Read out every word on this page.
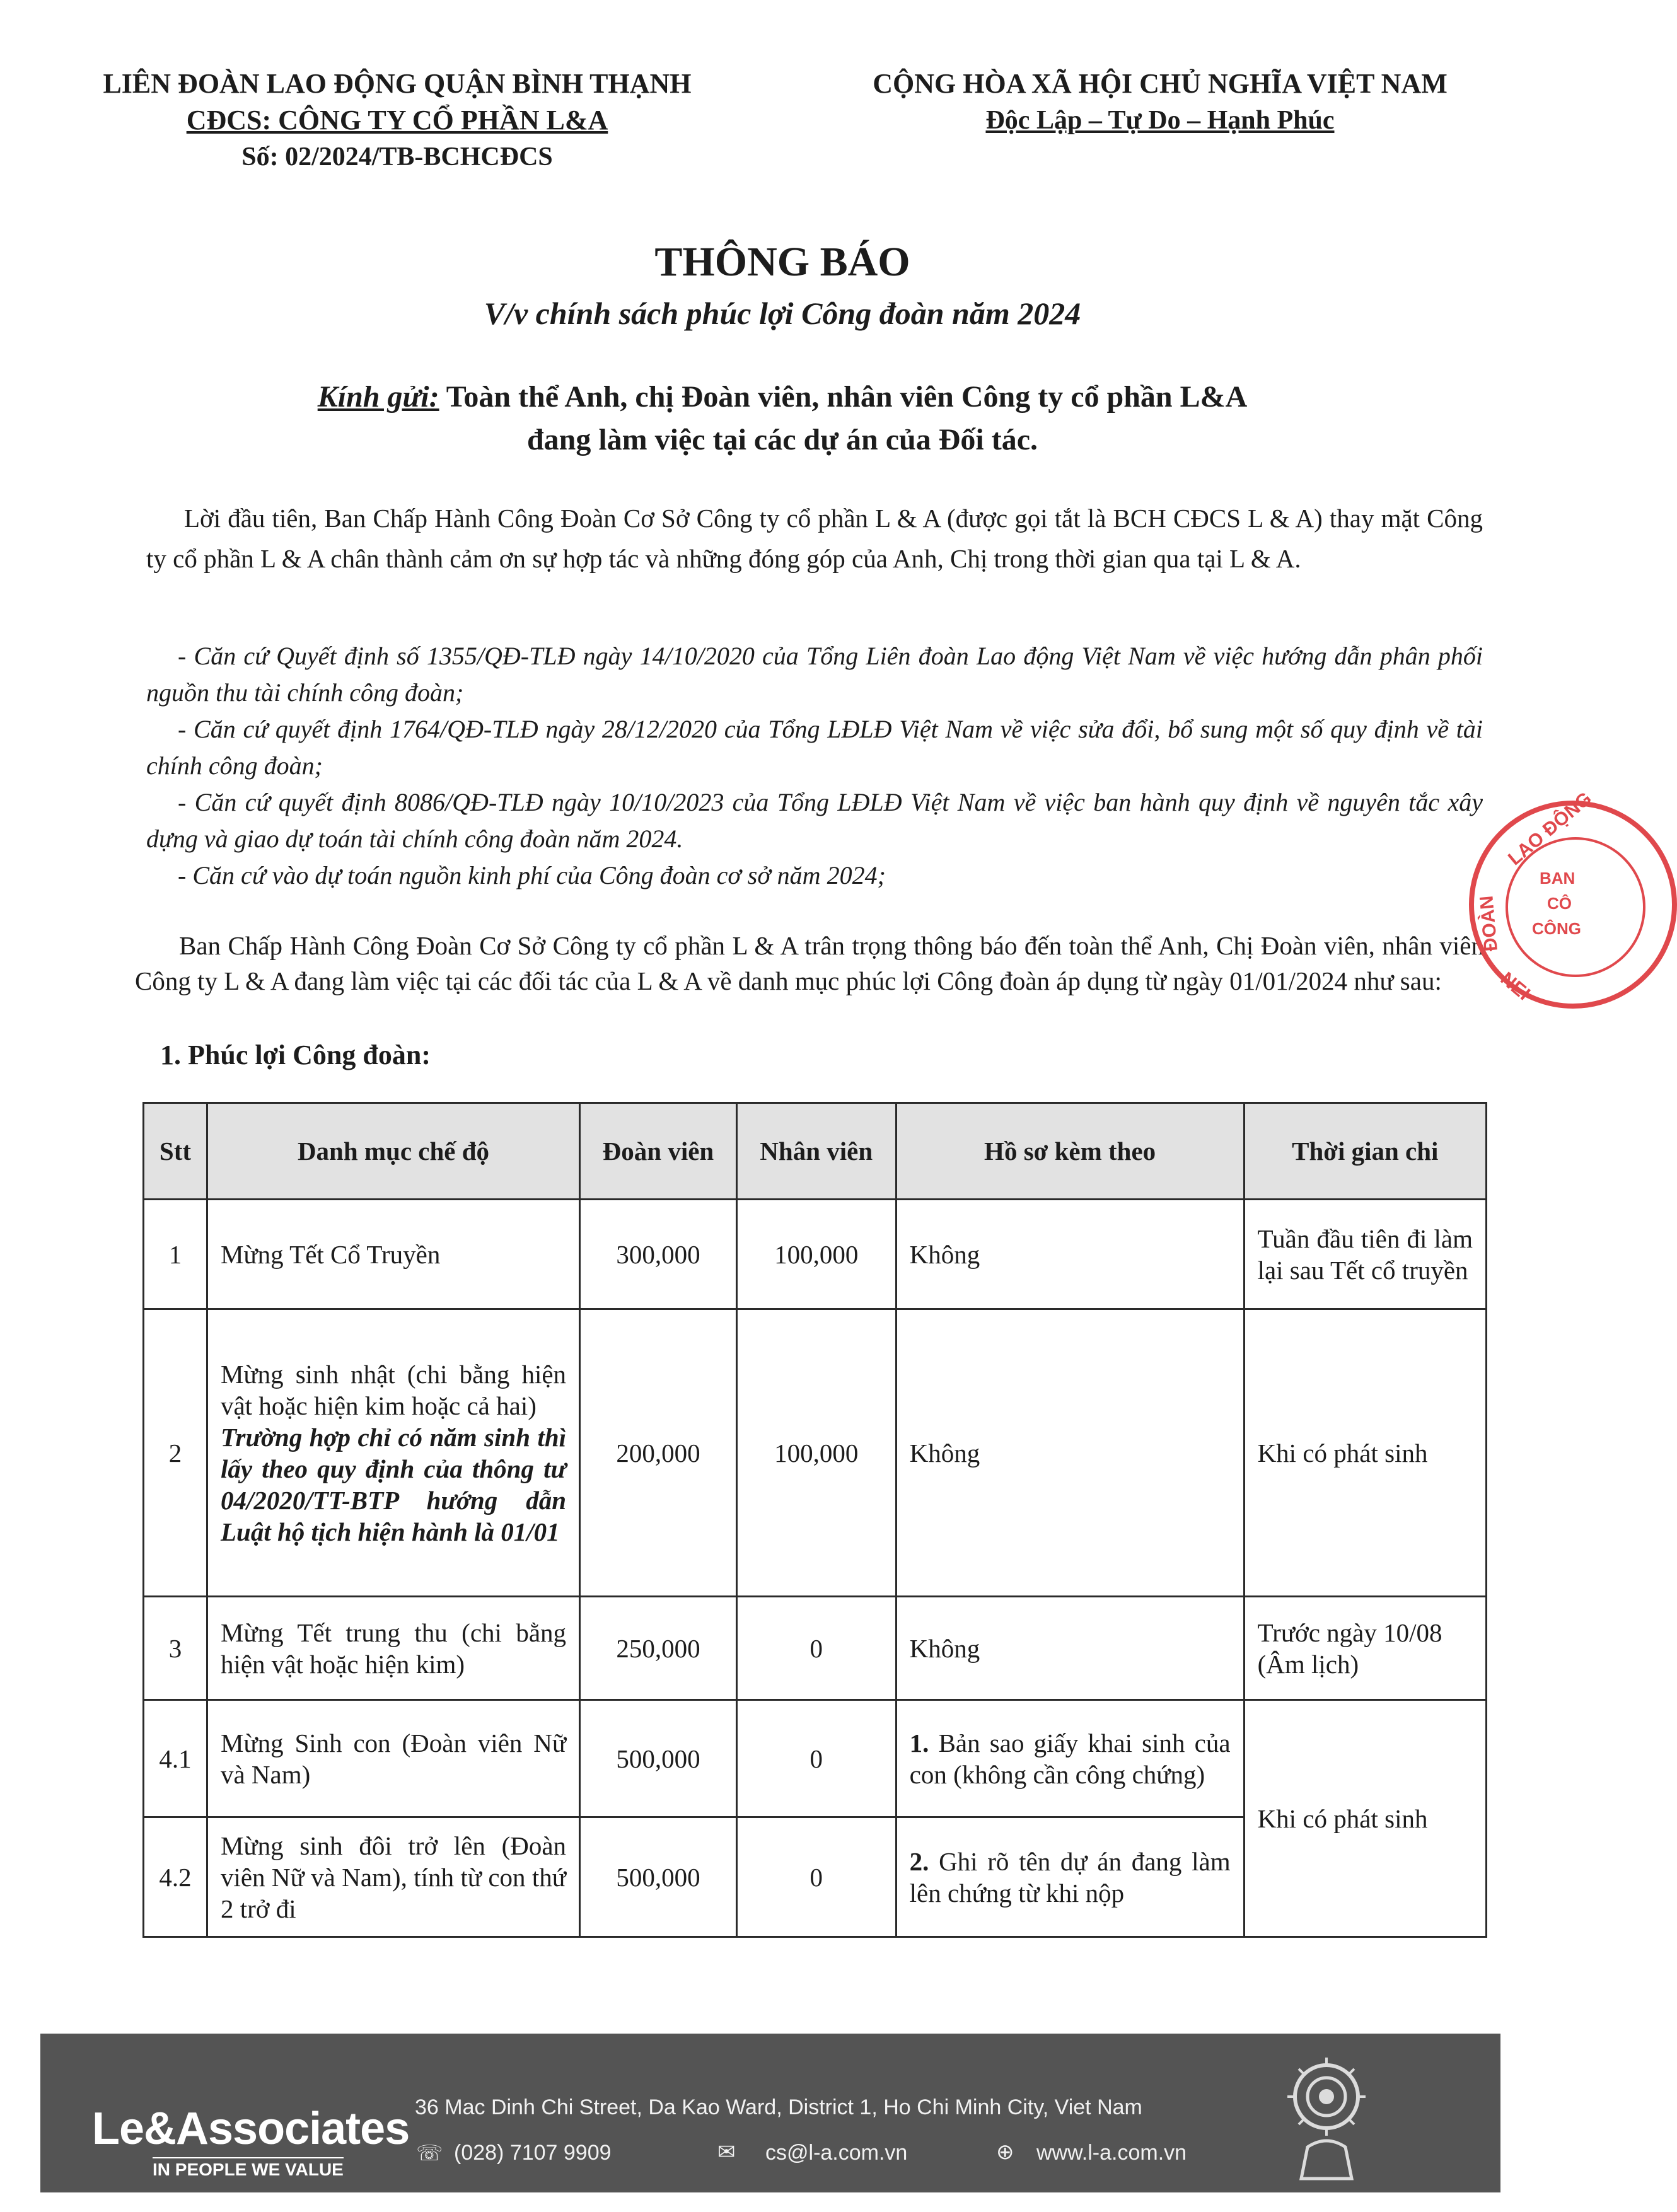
LIÊN ĐOÀN LAO ĐỘNG QUẬN BÌNH THẠNH
CĐCS: CÔNG TY CỔ PHẦN L&A
Số: 02/2024/TB-BCHCĐCS
CỘNG HÒA XÃ HỘI CHỦ NGHĨA VIỆT NAM
Độc Lập – Tự Do – Hạnh Phúc
THÔNG BÁO
V/v chính sách phúc lợi Công đoàn năm 2024
Kính gửi: Toàn thể Anh, chị Đoàn viên, nhân viên Công ty cổ phần L&A
đang làm việc tại các dự án của Đối tác.
Lời đầu tiên, Ban Chấp Hành Công Đoàn Cơ Sở Công ty cổ phần L & A (được gọi tắt là BCH CĐCS L & A) thay mặt Công ty cổ phần L & A chân thành cảm ơn sự hợp tác và những đóng góp của Anh, Chị trong thời gian qua tại L & A.
- Căn cứ Quyết định số 1355/QĐ-TLĐ ngày 14/10/2020 của Tổng Liên đoàn Lao động Việt Nam về việc hướng dẫn phân phối nguồn thu tài chính công đoàn;
- Căn cứ quyết định 1764/QĐ-TLĐ ngày 28/12/2020 của Tổng LĐLĐ Việt Nam về việc sửa đổi, bổ sung một số quy định về tài chính công đoàn;
- Căn cứ quyết định 8086/QĐ-TLĐ ngày 10/10/2023 của Tổng LĐLĐ Việt Nam về việc ban hành quy định về nguyên tắc xây dựng và giao dự toán tài chính công đoàn năm 2024.
- Căn cứ vào dự toán nguồn kinh phí của Công đoàn cơ sở năm 2024;
Ban Chấp Hành Công Đoàn Cơ Sở Công ty cổ phần L & A trân trọng thông báo đến toàn thể Anh, Chị Đoàn viên, nhân viên Công ty L & A đang làm việc tại các đối tác của L & A về danh mục phúc lợi Công đoàn áp dụng từ ngày 01/01/2024 như sau:
1. Phúc lợi Công đoàn:
LAO ĐỘNG
ĐOÀN
NEI
BAN
CÔ
CÔNG
Stt	Danh mục chế độ	Đoàn viên	Nhân viên	Hồ sơ kèm theo	Thời gian chi
1	Mừng Tết Cổ Truyền	300,000	100,000	Không	Tuần đầu tiên đi làm lại sau Tết cổ truyền
2	Mừng sinh nhật (chi bằng hiện vật hoặc hiện kim hoặc cả hai)
Trường hợp chỉ có năm sinh thì lấy theo quy định của thông tư 04/2020/TT-BTP hướng dẫn Luật hộ tịch hiện hành là 01/01	200,000	100,000	Không	Khi có phát sinh
3	Mừng Tết trung thu (chi bằng hiện vật hoặc hiện kim)	250,000	0	Không	Trước ngày 10/08 (Âm lịch)
4.1	Mừng Sinh con (Đoàn viên Nữ và Nam)	500,000	0	1. Bản sao giấy khai sinh của con (không cần công chứng)	Khi có phát sinh
4.2	Mừng sinh đôi trở lên (Đoàn viên Nữ và Nam), tính từ con thứ 2 trở đi	500,000	0	2. Ghi rõ tên dự án đang làm lên chứng từ khi nộp	
Le&Associates
IN PEOPLE WE VALUE
36 Mac Dinh Chi Street, Da Kao Ward, District 1, Ho Chi Minh City, Viet Nam
☏ (028) 7107 9909	✉ cs@l-a.com.vn	⊕ www.l-a.com.vn
